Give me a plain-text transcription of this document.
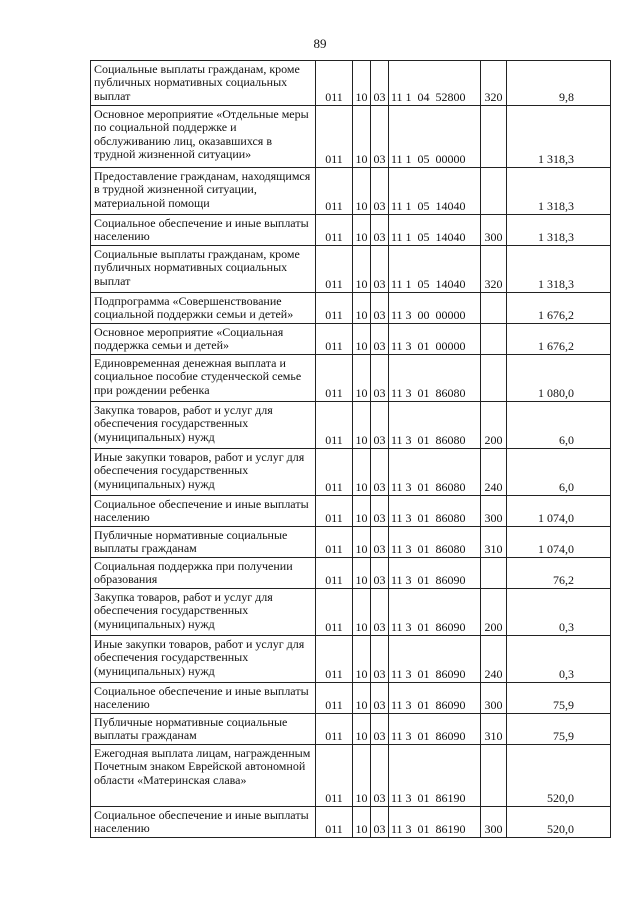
89
Социальные выплаты гражданам, кроме публичных нормативных социальных выплат	011	10	03	11 1  04  52800	320	9,8

Основное мероприятие «Отдельные меры по социальной поддержке и обслуживанию лиц, оказавшихся в трудной жизненной ситуации»	011	10	03	11 1  05  00000		1 318,3

Предоставление гражданам, находящимся в трудной жизненной ситуации, материальной помощи	011	10	03	11 1  05  14040		1 318,3

Социальное обеспечение и иные выплаты населению	011	10	03	11 1  05  14040	300	1 318,3

Социальные выплаты гражданам, кроме публичных нормативных социальных выплат	011	10	03	11 1  05  14040	320	1 318,3

Подпрограмма «Совершенствование социальной поддержки семьи и детей»	011	10	03	11 3  00  00000		1 676,2

Основное мероприятие «Социальная поддержка семьи и детей»	011	10	03	11 3  01  00000		1 676,2

Единовременная денежная выплата и социальное пособие студенческой семье при рождении ребенка	011	10	03	11 3  01  86080		1 080,0

Закупка товаров, работ и услуг для обеспечения государственных (муниципальных) нужд	011	10	03	11 3  01  86080	200	6,0

Иные закупки товаров, работ и услуг для обеспечения государственных (муниципальных) нужд	011	10	03	11 3  01  86080	240	6,0

Социальное обеспечение и иные выплаты населению	011	10	03	11 3  01  86080	300	1 074,0

Публичные нормативные социальные выплаты гражданам	011	10	03	11 3  01  86080	310	1 074,0

Социальная поддержка при получении образования	011	10	03	11 3  01  86090		76,2

Закупка товаров, работ и услуг для обеспечения государственных (муниципальных) нужд	011	10	03	11 3  01  86090	200	0,3

Иные закупки товаров, работ и услуг для обеспечения государственных (муниципальных) нужд	011	10	03	11 3  01  86090	240	0,3

Социальное обеспечение и иные выплаты населению	011	10	03	11 3  01  86090	300	75,9

Публичные нормативные социальные выплаты гражданам	011	10	03	11 3  01  86090	310	75,9

Ежегодная выплата лицам, награжденным Почетным знаком Еврейской автономной области «Материнская слава»	011	10	03	11 3  01  86190		520,0

Социальное обеспечение и иные выплаты населению	011	10	03	11 3  01  86190	300	520,0
